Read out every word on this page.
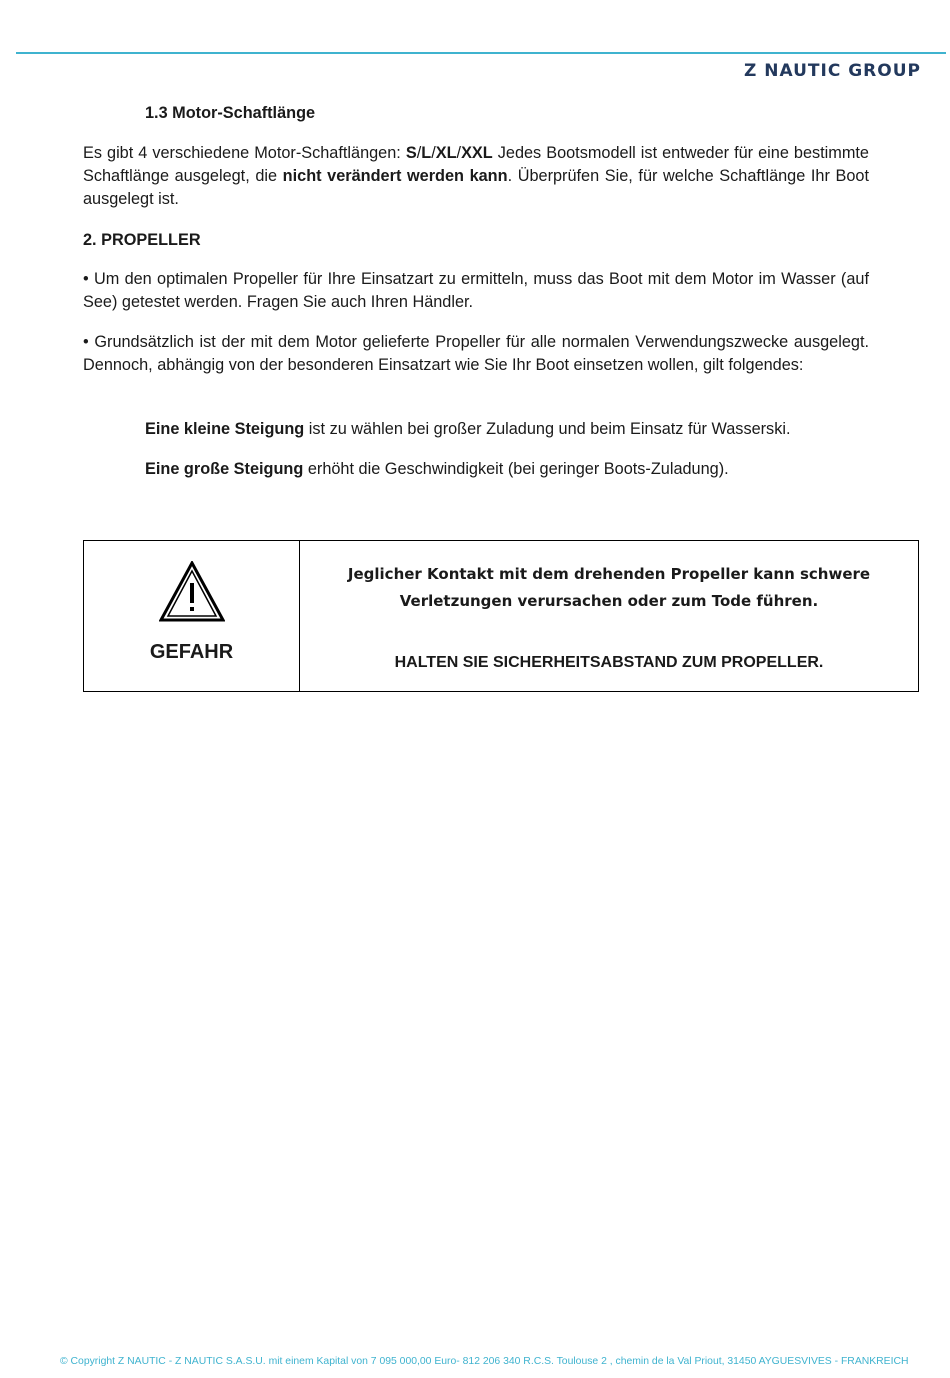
Z NAUTIC GROUP
1.3 Motor-Schaftlänge

Es gibt 4 verschiedene Motor-Schaftlängen: S/L/XL/XXL Jedes Bootsmodell ist entweder für eine bestimmte Schaftlänge ausgelegt, die nicht verändert werden kann. Überprüfen Sie, für welche Schaftlänge Ihr Boot ausgelegt ist.

2. PROPELLER

• Um den optimalen Propeller für Ihre Einsatzart zu ermitteln, muss das Boot mit dem Motor im Wasser (auf See) getestet werden. Fragen Sie auch Ihren Händler.

• Grundsätzlich ist der mit dem Motor gelieferte Propeller für alle normalen Verwendungszwecke ausgelegt. Dennoch, abhängig von der besonderen Einsatzart wie Sie Ihr Boot einsetzen wollen, gilt folgendes:

Eine kleine Steigung ist zu wählen bei großer Zuladung und beim Einsatz für Wasserski.

Eine große Steigung erhöht die Geschwindigkeit (bei geringer Boots-Zuladung).

GEFAHR
Jeglicher Kontakt mit dem drehenden Propeller kann schwere Verletzungen verursachen oder zum Tode führen.
HALTEN SIE SICHERHEITSABSTAND ZUM PROPELLER.
© Copyright Z NAUTIC - Z NAUTIC S.A.S.U. mit einem Kapital von 7 095 000,00 Euro- 812 206 340 R.C.S. Toulouse 2 , chemin de la Val Priout, 31450 AYGUESVIVES - FRANKREICH
